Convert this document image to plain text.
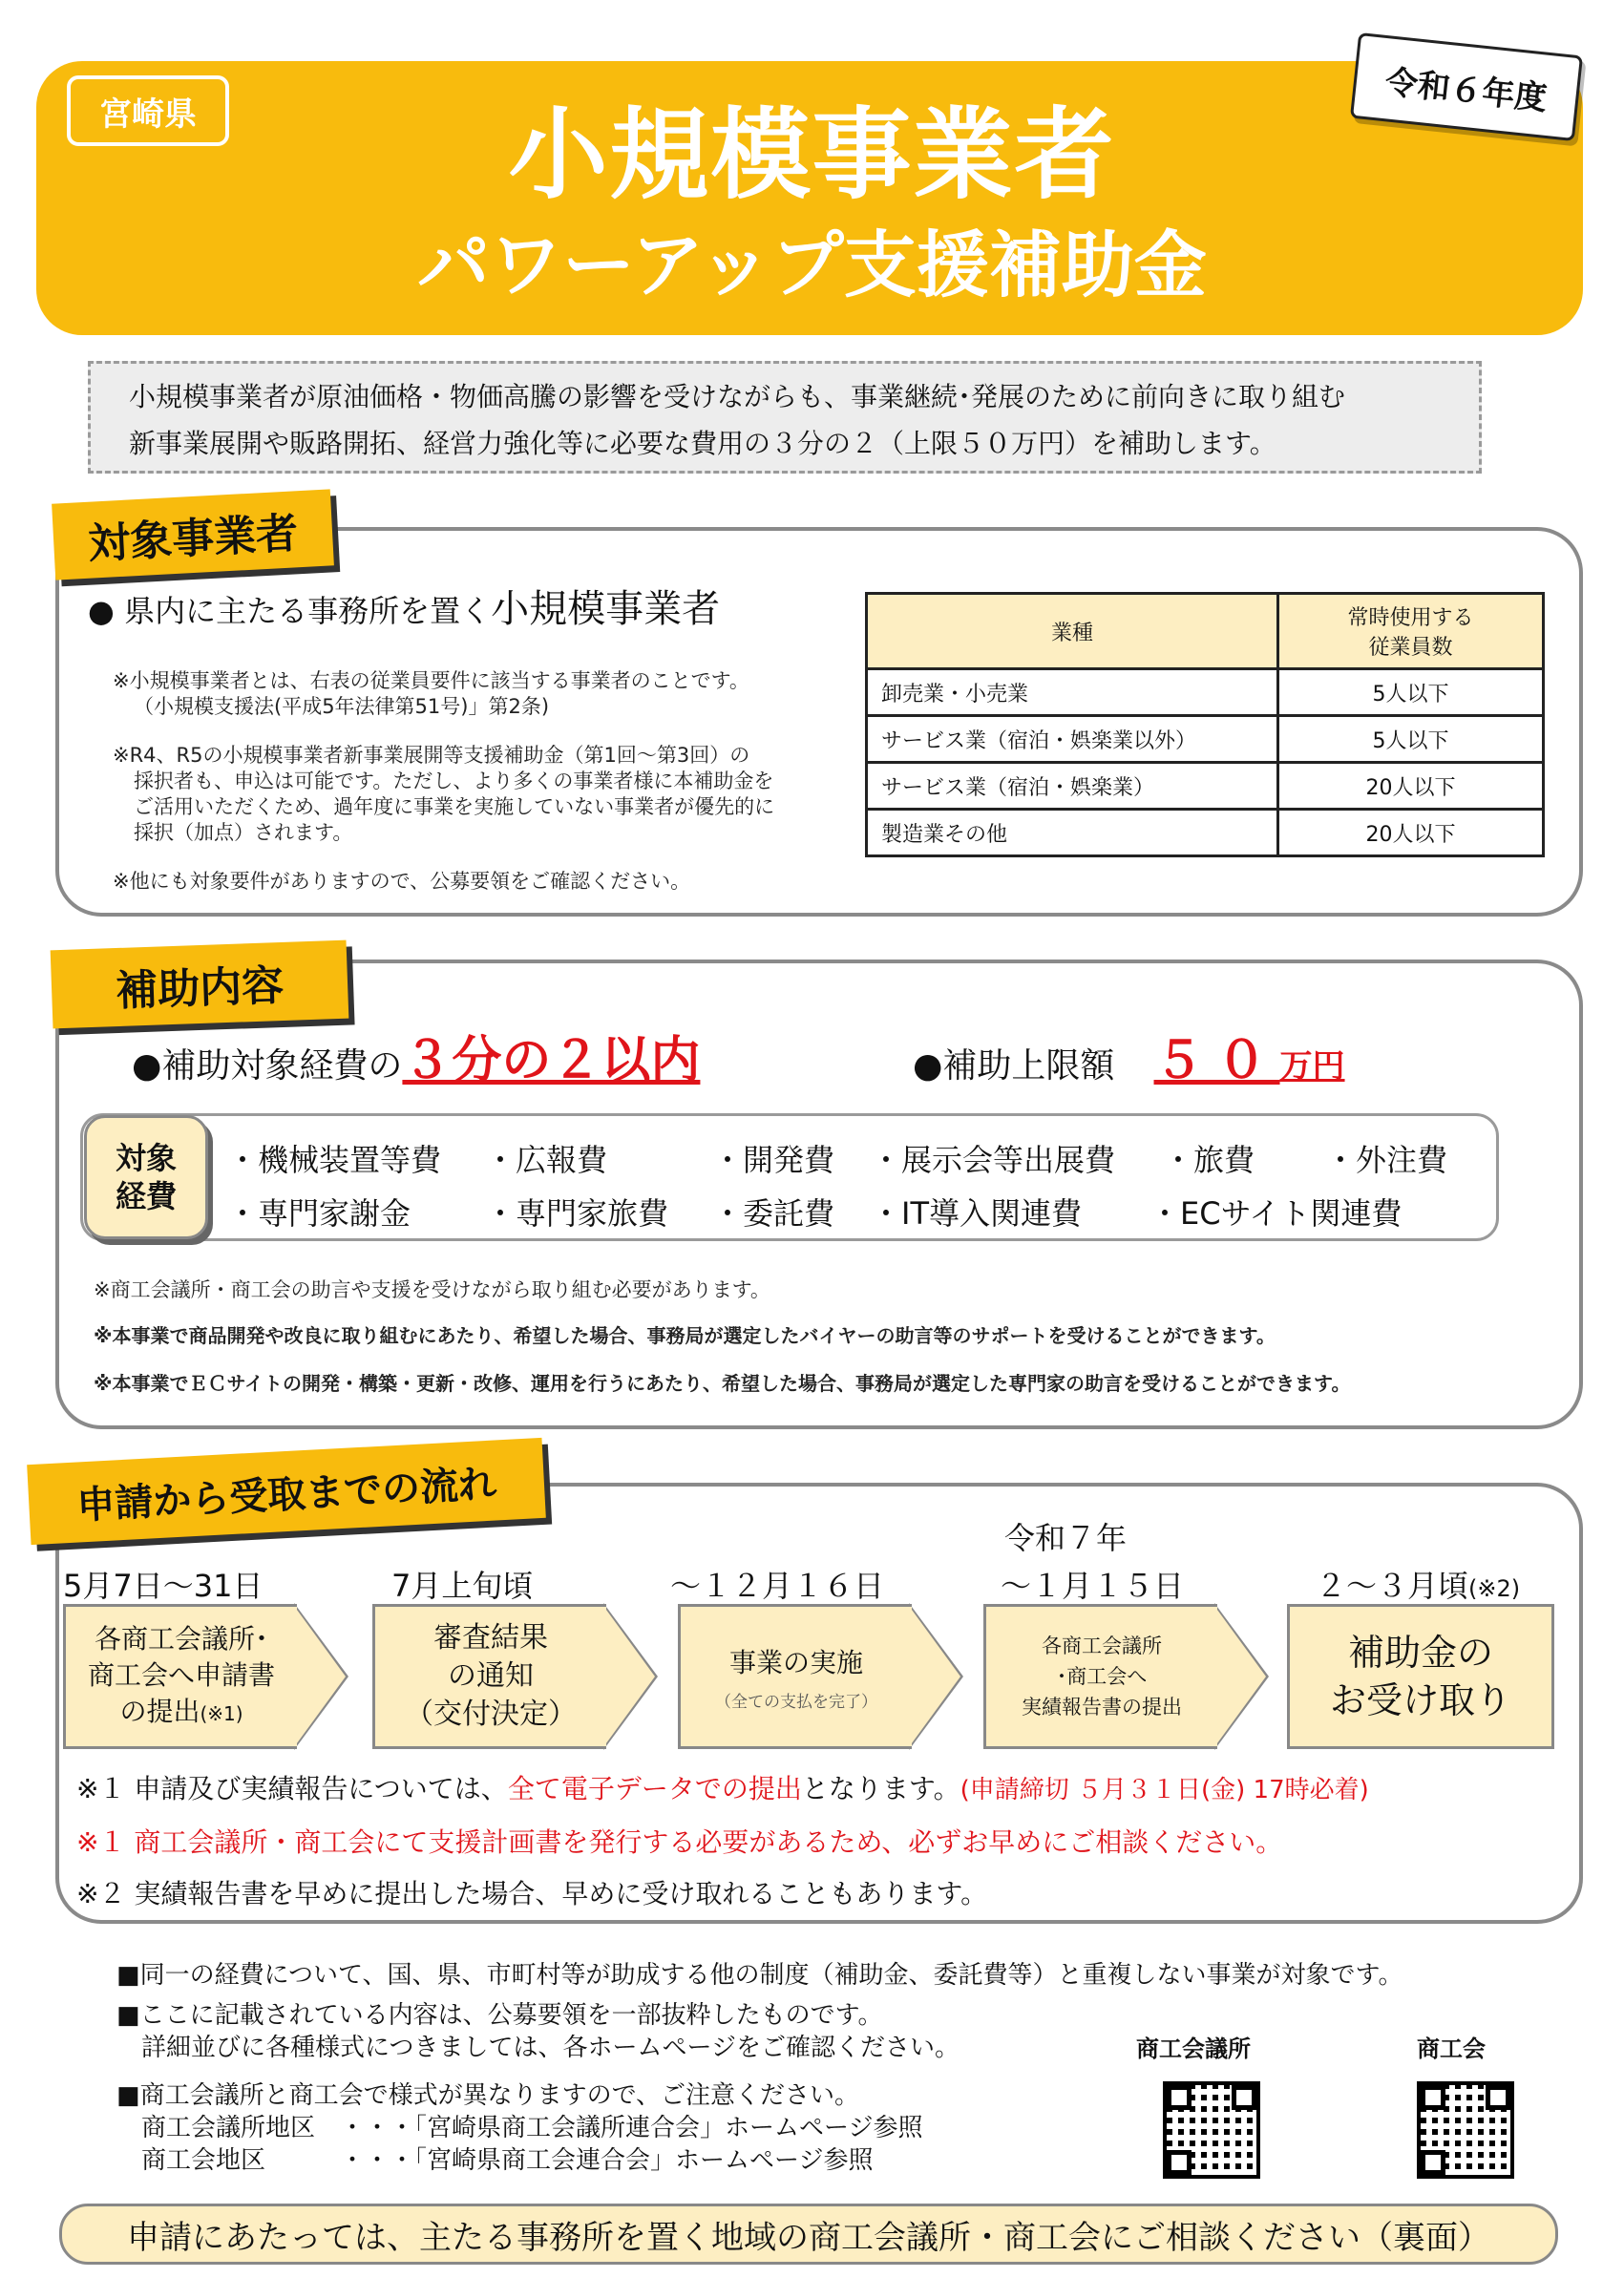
宮崎県	小規模事業者
パワーアップ支援補助金
令和６年度
小規模事業者が原油価格・物価高騰の影響を受けながらも、事業継続･発展のために前向きに取り組む
新事業展開や販路開拓、経営力強化等に必要な費用の３分の２（上限５０万円）を補助します。
対象事業者
● 県内に主たる事務所を置く小規模事業者
※小規模事業者とは、右表の従業員要件に該当する事業者のことです。
（小規模支援法(平成5年法律第51号)」第2条)
※R4、R5の小規模事業者新事業展開等支援補助金（第1回～第3回）の
採択者も、申込は可能です。ただし、より多くの事業者様に本補助金を
ご活用いただくため、過年度に事業を実施していない事業者が優先的に
採択（加点）されます。
※他にも対象要件がありますので、公募要領をご確認ください。
業種	常時使用する
従業員数

卸売業・小売業	5人以下
サービス業（宿泊・娯楽業以外）	5人以下
サービス業（宿泊・娯楽業）	20人以下
製造業その他	20人以下
補助内容
●補助対象経費の３分の２以内	●補助上限額 ５０万円
対象
経費
・機械装置等費 ・広報費	・開発費 ・展示会等出展費 ・旅費 ・外注費
・専門家謝金 ・専門家旅費 ・委託費 ・IT導入関連費 ・ECサイト関連費
※商工会議所・商工会の助言や支援を受けながら取り組む必要があります。
※本事業で商品開発や改良に取り組むにあたり、希望した場合、事務局が選定したバイヤーの助言等のサポートを受けることができます。
※本事業でＥＣサイトの開発・構築・更新・改修、運用を行うにあたり、希望した場合、事務局が選定した専門家の助言を受けることができます。
申請から受取までの流れ
令和７年
5月7日～31日
各商工会議所･
商工会へ申請書
の提出(※1)
7月上旬頃
審査結果
の通知
（交付決定）
～１２月１６日
事業の実施
（全ての支払を完了）
～１月１５日
各商工会議所
･商工会へ
実績報告書の提出
２～３月頃(※2)
補助金の
お受け取り
※１ 申請及び実績報告については、全て電子データでの提出となります。(申請締切 ５月３１日(金) 17時必着)
※１ 商工会議所・商工会にて支援計画書を発行する必要があるため、必ずお早めにご相談ください。
※２ 実績報告書を早めに提出した場合、早めに受け取れることもあります。
■同一の経費について、国、県、市町村等が助成する他の制度（補助金、委託費等）と重複しない事業が対象です。
■ここに記載されている内容は、公募要領を一部抜粋したものです。
詳細並びに各種様式につきましては、各ホームページをご確認ください。
■商工会議所と商工会で様式が異なりますので、ご注意ください。
商工会議所地区　・・・「宮崎県商工会議所連合会」ホームページ参照
商工会地区　　　・・・「宮崎県商工会連合会」ホームページ参照
商工会議所	商工会
申請にあたっては、主たる事務所を置く地域の商工会議所・商工会にご相談ください（裏面）
